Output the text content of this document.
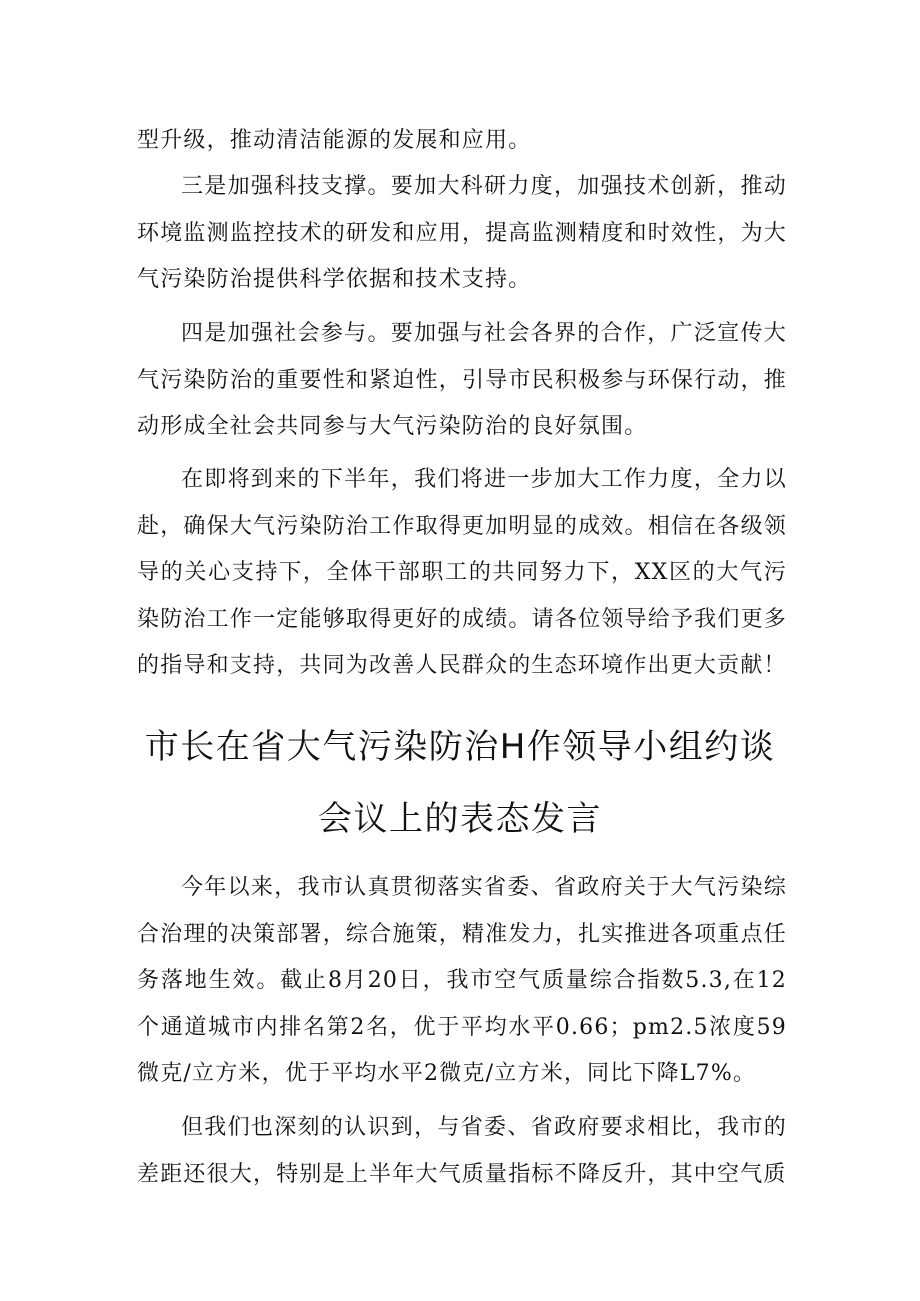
型升级，推动清洁能源的发展和应用。

三是加强科技支撑。要加大科研力度，加强技术创新，推动环境监测监控技术的研发和应用，提高监测精度和时效性，为大气污染防治提供科学依据和技术支持。

四是加强社会参与。要加强与社会各界的合作，广泛宣传大气污染防治的重要性和紧迫性，引导市民积极参与环保行动，推动形成全社会共同参与大气污染防治的良好氛围。

在即将到来的下半年，我们将进一步加大工作力度，全力以赴，确保大气污染防治工作取得更加明显的成效。相信在各级领导的关心支持下，全体干部职工的共同努力下，XX区的大气污染防治工作一定能够取得更好的成绩。请各位领导给予我们更多的指导和支持，共同为改善人民群众的生态环境作出更大贡献！

市长在省大气污染防治H作领导小组约谈
会议上的表态发言

今年以来，我市认真贯彻落实省委、省政府关于大气污染综合治理的决策部署，综合施策，精准发力，扎实推进各项重点任务落地生效。截止8月20日，我市空气质量综合指数5.3,在12个通道城市内排名第2名，优于平均水平0.66；pm2.5浓度59微克/立方米，优于平均水平2微克/立方米，同比下降L7%。

但我们也深刻的认识到，与省委、省政府要求相比，我市的差距还很大，特别是上半年大气质量指标不降反升，其中空气质
